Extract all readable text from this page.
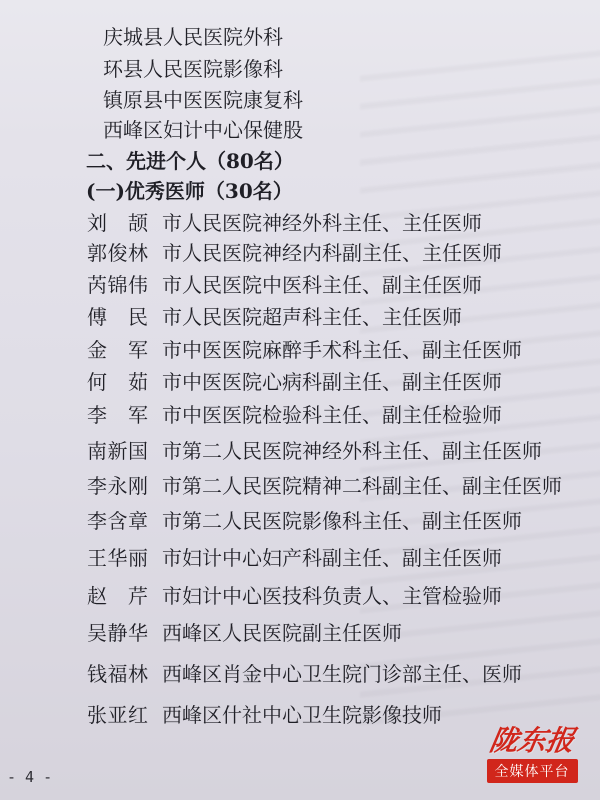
庆城县人民医院外科
环县人民医院影像科
镇原县中医医院康复科
西峰区妇计中心保健股
二、先进个人（80名）
(一)优秀医师（30名）
刘　颉 市人民医院神经外科主任、主任医师
郭俊林 市人民医院神经内科副主任、主任医师
芮锦伟 市人民医院中医科主任、副主任医师
傅　民 市人民医院超声科主任、主任医师
金　军 市中医医院麻醉手术科主任、副主任医师
何　茹 市中医医院心病科副主任、副主任医师
李　军 市中医医院检验科主任、副主任检验师
南新国 市第二人民医院神经外科主任、副主任医师
李永刚 市第二人民医院精神二科副主任、副主任医师
李含章 市第二人民医院影像科主任、副主任医师
王华丽 市妇计中心妇产科副主任、副主任医师
赵　芹 市妇计中心医技科负责人、主管检验师
吴静华 西峰区人民医院副主任医师
钱福林 西峰区肖金中心卫生院门诊部主任、医师
张亚红 西峰区什社中心卫生院影像技师
- 4 -
陇东报
全媒体平台
